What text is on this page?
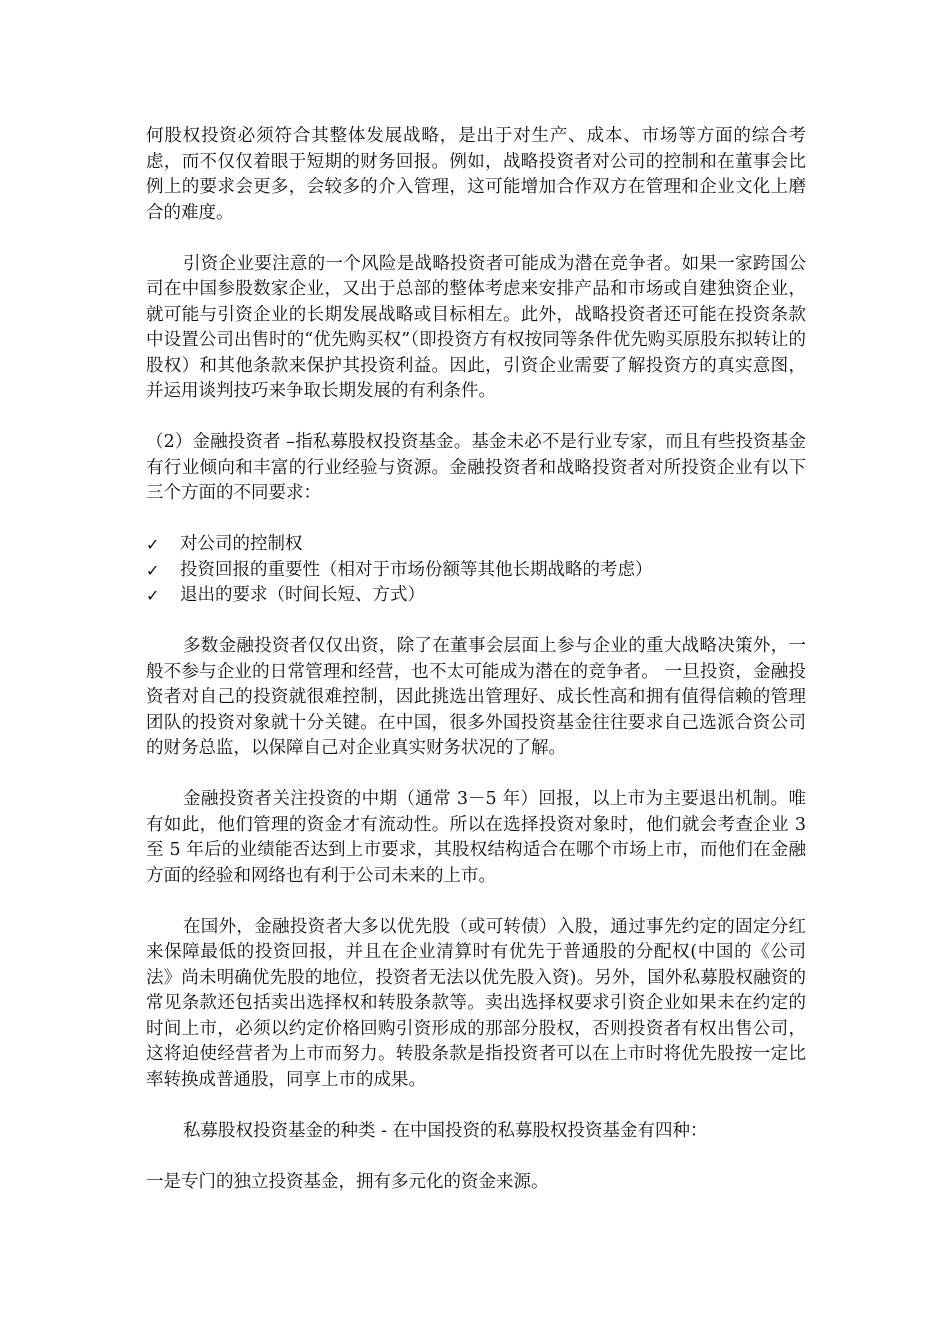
何股权投资必须符合其整体发展战略，是出于对生产、成本、市场等方面的综合考虑，而不仅仅着眼于短期的财务回报。例如，战略投资者对公司的控制和在董事会比例上的要求会更多，会较多的介入管理，这可能增加合作双方在管理和企业文化上磨合的难度。

引资企业要注意的一个风险是战略投资者可能成为潜在竞争者。如果一家跨国公司在中国参股数家企业，又出于总部的整体考虑来安排产品和市场或自建独资企业，就可能与引资企业的长期发展战略或目标相左。此外，战略投资者还可能在投资条款中设置公司出售时的“优先购买权”（即投资方有权按同等条件优先购买原股东拟转让的股权）和其他条款来保护其投资利益。因此，引资企业需要了解投资方的真实意图，并运用谈判技巧来争取长期发展的有利条件。

（2）金融投资者 –指私募股权投资基金。基金未必不是行业专家，而且有些投资基金有行业倾向和丰富的行业经验与资源。金融投资者和战略投资者对所投资企业有以下三个方面的不同要求：

✓	对公司的控制权
✓	投资回报的重要性（相对于市场份额等其他长期战略的考虑）
✓	退出的要求（时间长短、方式）

多数金融投资者仅仅出资，除了在董事会层面上参与企业的重大战略决策外，一般不参与企业的日常管理和经营，也不太可能成为潜在的竞争者。 一旦投资，金融投资者对自己的投资就很难控制，因此挑选出管理好、成长性高和拥有值得信赖的管理团队的投资对象就十分关键。在中国，很多外国投资基金往往要求自己选派合资公司的财务总监，以保障自己对企业真实财务状况的了解。

金融投资者关注投资的中期（通常 3－5 年）回报，以上市为主要退出机制。唯有如此，他们管理的资金才有流动性。所以在选择投资对象时，他们就会考查企业 3 至 5 年后的业绩能否达到上市要求，其股权结构适合在哪个市场上市，而他们在金融方面的经验和网络也有利于公司未来的上市。

在国外，金融投资者大多以优先股（或可转债）入股，通过事先约定的固定分红来保障最低的投资回报，并且在企业清算时有优先于普通股的分配权(中国的《公司法》尚未明确优先股的地位，投资者无法以优先股入资)。另外，国外私募股权融资的常见条款还包括卖出选择权和转股条款等。卖出选择权要求引资企业如果未在约定的时间上市，必须以约定价格回购引资形成的那部分股权，否则投资者有权出售公司，这将迫使经营者为上市而努力。转股条款是指投资者可以在上市时将优先股按一定比率转换成普通股，同享上市的成果。

私募股权投资基金的种类 - 在中国投资的私募股权投资基金有四种：

一是专门的独立投资基金，拥有多元化的资金来源。
